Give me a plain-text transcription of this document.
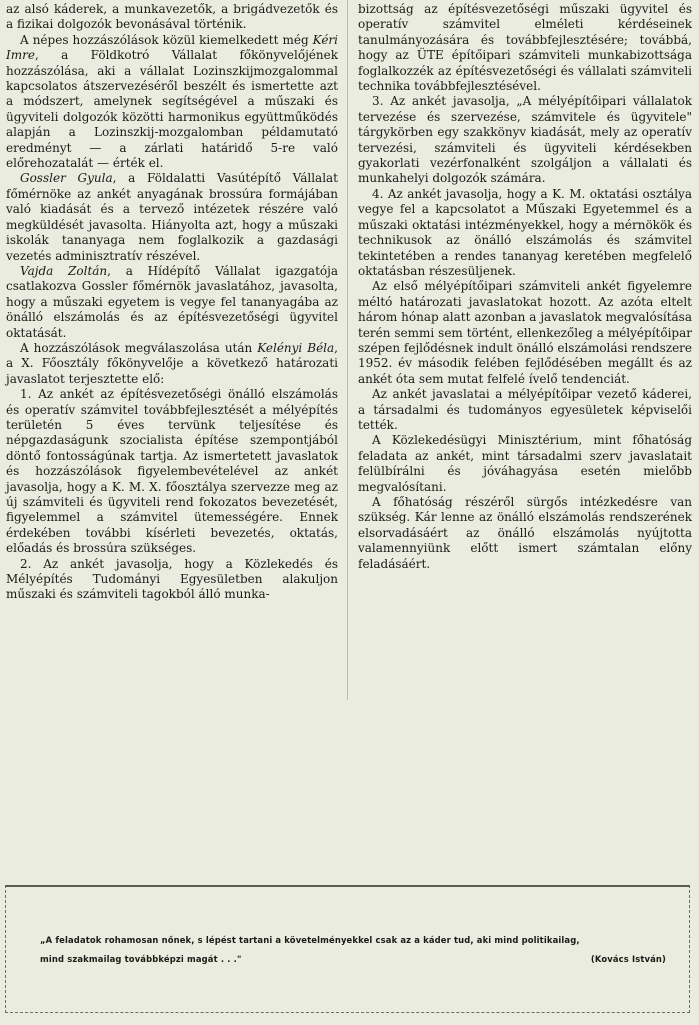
az alsó káderek, a munkavezetők, a brigádvezetők és a fizikai dolgozók bevonásával történik.

A népes hozzászólások közül kiemelkedett még Kéri Imre, a Földkotró Vállalat főkönyvelőjének hozzászólása, aki a vállalat Lozinszkijmozgalommal kapcsolatos átszervezéséről beszélt és ismertette azt a módszert, amelynek segítségével a műszaki és ügyviteli dolgozók közötti harmonikus együttműködés alapján a Lozinszkij-mozgalomban példamutató eredményt — a zárlati határidő 5-re való előrehozatalát — érték el.

Gossler Gyula, a Földalatti Vasútépítő Vállalat főmérnöke az ankét anyagának brossúra formájában való kiadását és a tervező intézetek részére való megküldését javasolta. Hiányolta azt, hogy a műszaki iskolák tananyaga nem foglalkozik a gazdasági vezetés adminisztratív részével.

Vajda Zoltán, a Hídépítő Vállalat igazgatója csatlakozva Gossler főmérnök javaslatához, javasolta, hogy a műszaki egyetem is vegye fel tananyagába az önálló elszámolás és az építésvezetőségi ügyvitel oktatását.

A hozzászólások megválaszolása után Kelényi Béla, a X. Főosztály főkönyvelője a következő határozati javaslatot terjesztette elő:

1. Az ankét az építésvezetőségi önálló elszámolás és operatív számvitel továbbfejlesztését a mélyépítés területén 5 éves tervünk teljesítése és népgazdaságunk szocialista építése szempontjából döntő fontosságúnak tartja. Az ismertetett javaslatok és hozzászólások figyelembevételével az ankét javasolja, hogy a K. M. X. főosztálya szervezze meg az új számviteli és ügyviteli rend fokozatos bevezetését, figyelemmel a számvitel ütemességére. Ennek érdekében további kísérleti bevezetés, oktatás, előadás és brossúra szükséges.

2. Az ankét javasolja, hogy a Közlekedés és Mélyépítés Tudományi Egyesületben alakuljon műszaki és számviteli tagokból álló munka-

bizottság az építésvezetőségi műszaki ügyvitel és operatív számvitel elméleti kérdéseinek tanulmányozására és továbbfejlesztésére; továbbá, hogy az ÜTE építőipari számviteli munkabizottsága foglalkozzék az építésvezetőségi és vállalati számviteli technika továbbfejlesztésével.

3. Az ankét javasolja, „A mélyépítőipari vállalatok tervezése és szervezése, számvitele és ügyvitele" tárgykörben egy szakkönyv kiadását, mely az operatív tervezési, számviteli és ügyviteli kérdésekben gyakorlati vezérfonalként szolgáljon a vállalati és munkahelyi dolgozók számára.

4. Az ankét javasolja, hogy a K. M. oktatási osztálya vegye fel a kapcsolatot a Műszaki Egyetemmel és a műszaki oktatási intézményekkel, hogy a mérnökök és technikusok az önálló elszámolás és számvitel tekintetében a rendes tananyag keretében megfelelő oktatásban részesüljenek.

Az első mélyépítőipari számviteli ankét figyelemre méltó határozati javaslatokat hozott. Az azóta eltelt három hónap alatt azonban a javaslatok megvalósítása terén semmi sem történt, ellenkezőleg a mélyépítőipar szépen fejlődésnek indult önálló elszámolási rendszere 1952. év második felében fejlődésében megállt és az ankét óta sem mutat felfelé ívelő tendenciát.

Az ankét javaslatai a mélyépítőipar vezető káderei, a társadalmi és tudományos egyesületek képviselői tették.

A Közlekedésügyi Minisztérium, mint főhatóság feladata az ankét, mint társadalmi szerv javaslatait felülbírálni és jóváhagyása esetén mielőbb megvalósítani.

A főhatóság részéről sürgős intézkedésre van szükség. Kár lenne az önálló elszámolás rendszerének elsorvadásáért az önálló elszámolás nyújtotta valamennyiünk előtt ismert számtalan előny feladásáért.

„A feladatok rohamosan nőnek, s lépést tartani a követelményekkel csak az a káder tud, aki mind politikailag,
mind szakmailag továbbképzi magát . . ."	(Kovács István)
